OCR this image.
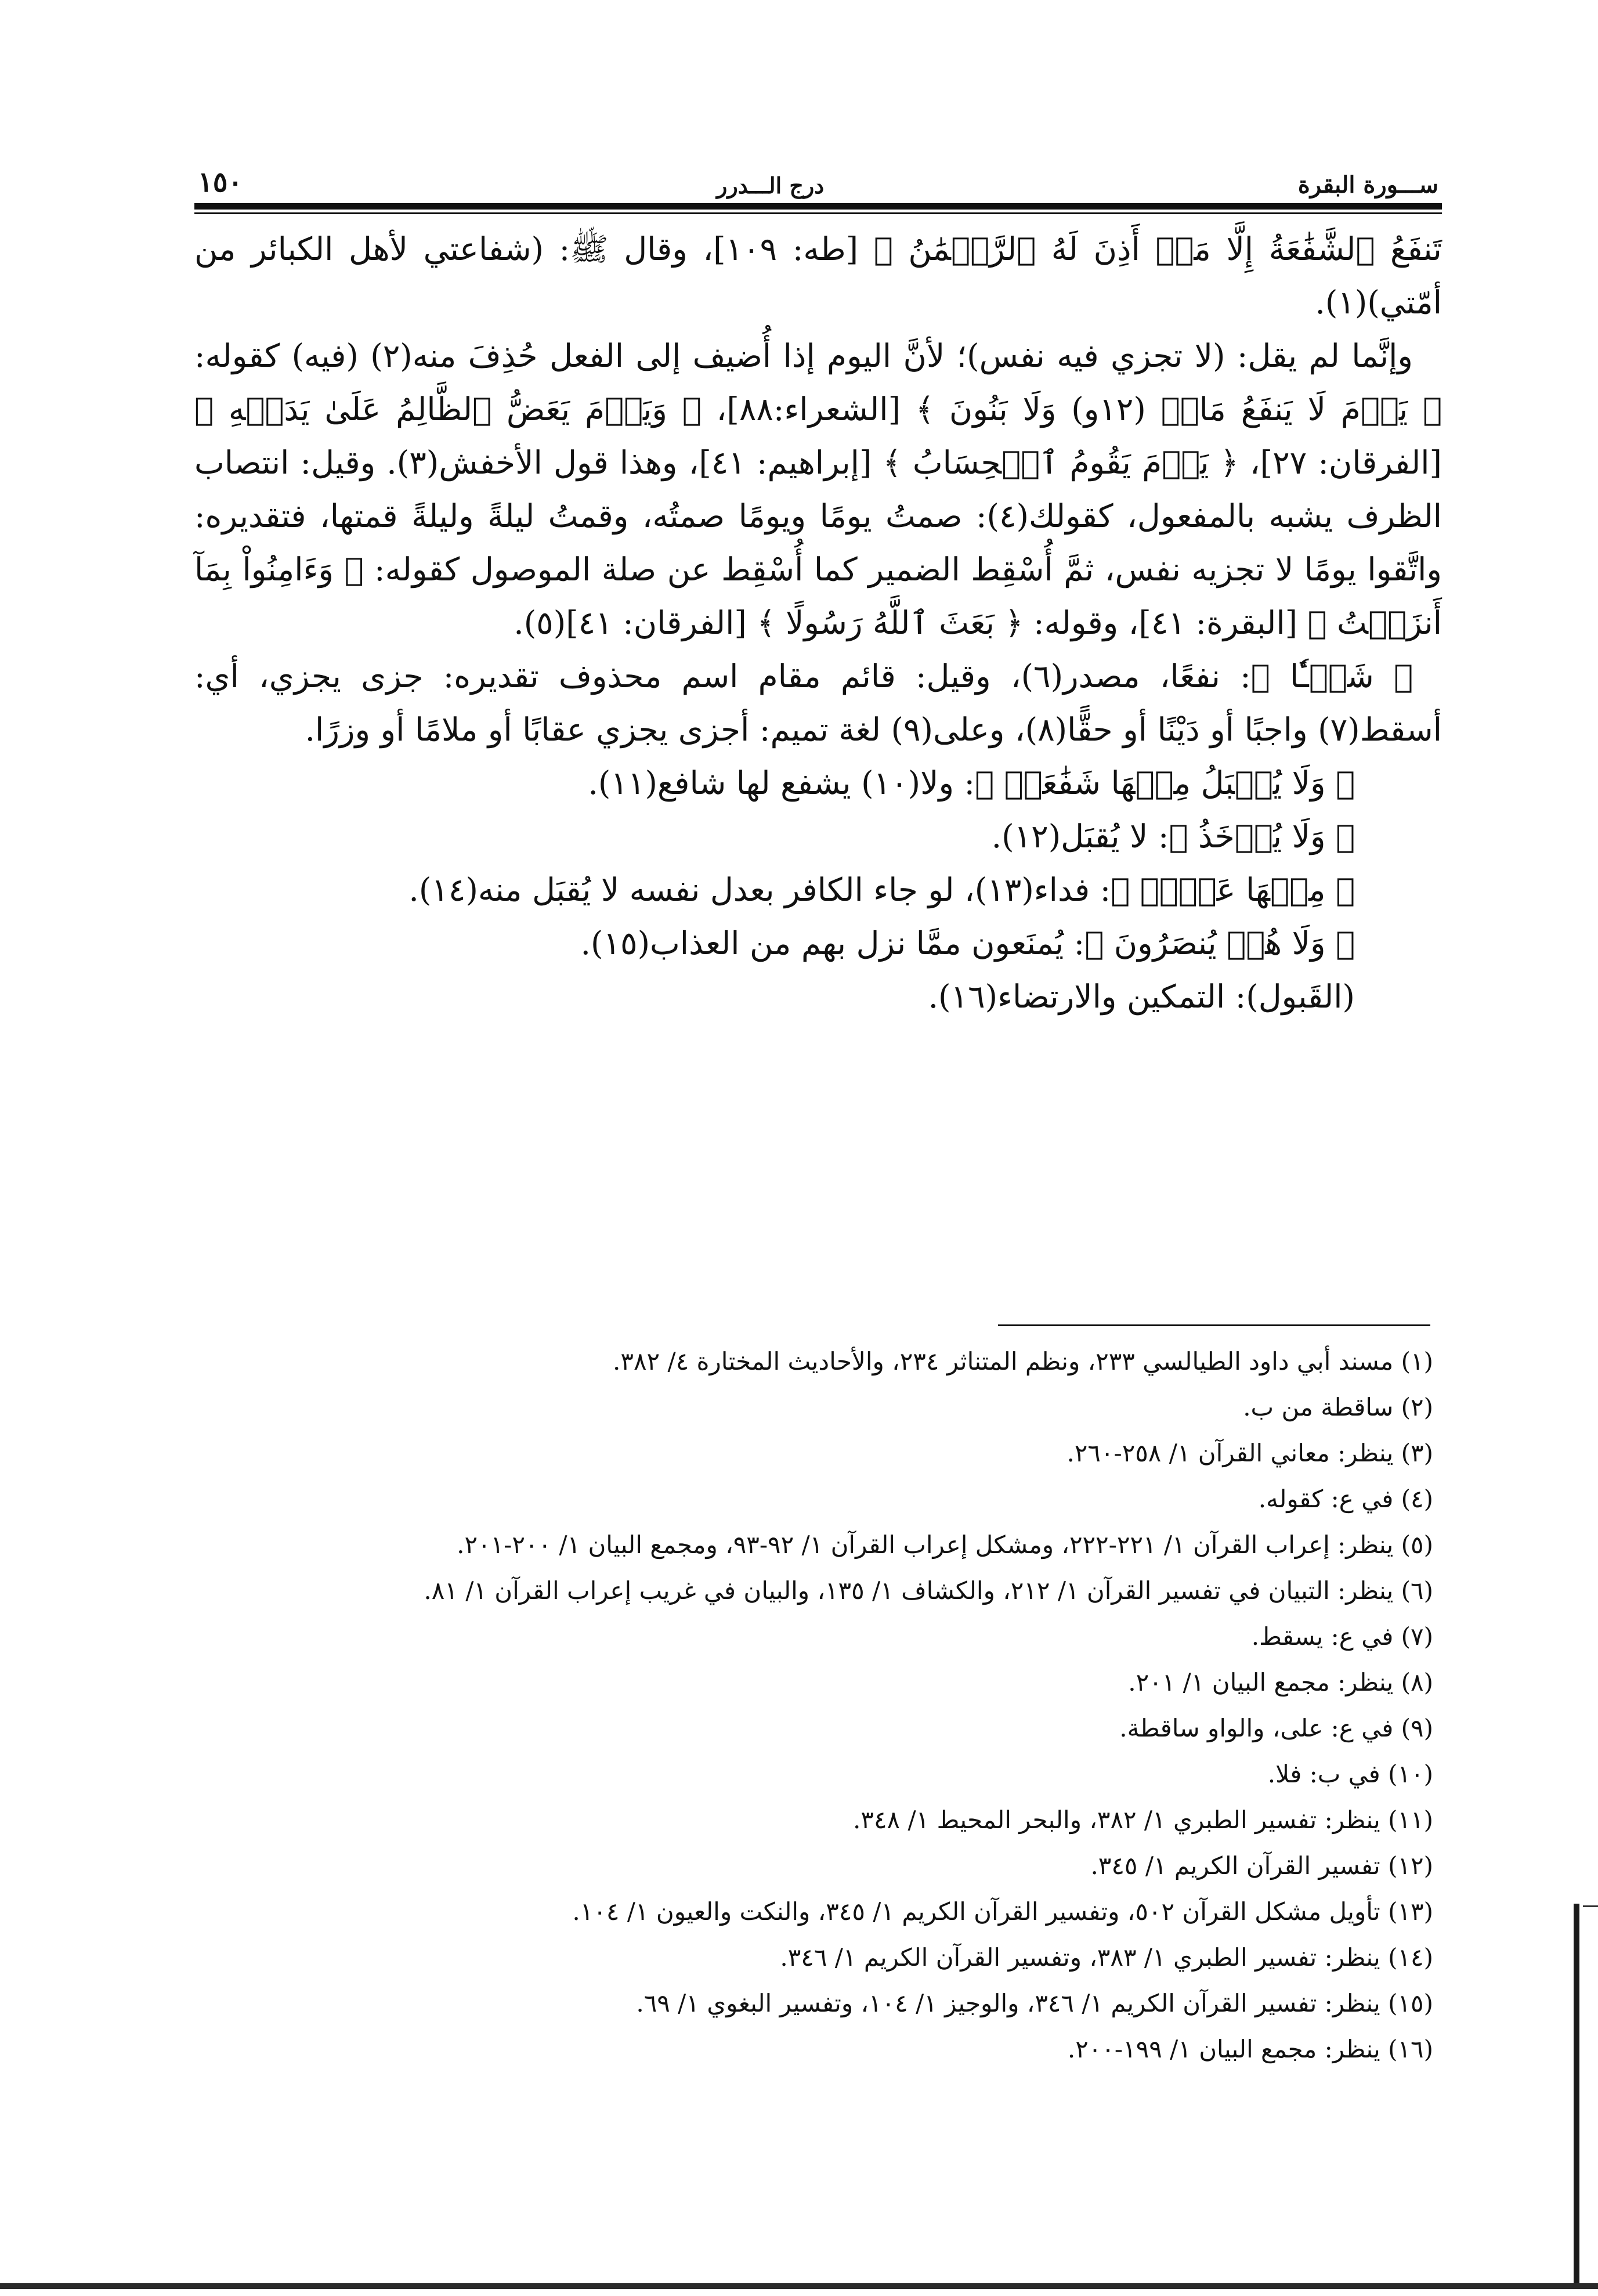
١٥٠	درج الـــدرر	ســـورة البقرة

تَنفَعُ ٱلشَّفَٰعَةُ إِلَّا مَنۡ أَذِنَ لَهُ ٱلرَّحۡمَٰنُ ﴾ [طه: ١٠٩]، وقال ﷺ: (شفاعتي لأهل الكبائر من أمّتي)(١).

وإنَّما لم يقل: (لا تجزي فيه نفس)؛ لأنَّ اليوم إذا أُضيف إلى الفعل حُذِفَ منه(٢) (فيه) كقوله: ﴿ يَوۡمَ لَا يَنفَعُ مَالٞ (١٢و) وَلَا بَنُونَ ﴾ [الشعراء:٨٨]، ﴿ وَيَوۡمَ يَعَضُّ ٱلظَّالِمُ عَلَىٰ يَدَيۡهِ ﴾ [الفرقان: ٢٧]، ﴿ يَوۡمَ يَقُومُ ٱلۡحِسَابُ ﴾ [إبراهيم: ٤١]، وهذا قول الأخفش(٣). وقيل: انتصاب الظرف يشبه بالمفعول، كقولك(٤): صمتُ يومًا ويومًا صمتُه، وقمتُ ليلةً وليلةً قمتها، فتقديره: واتَّقوا يومًا لا تجزيه نفس، ثمَّ أُسْقِط الضمير كما أُسْقِط عن صلة الموصول كقوله: ﴿ وَءَامِنُواْ بِمَآ أَنزَلۡتُ ﴾ [البقرة: ٤١]، وقوله: ﴿ بَعَثَ ٱللَّهُ رَسُولًا ﴾ [الفرقان: ٤١](٥).

﴿ شَيۡـٔٗا ﴾: نفعًا، مصدر(٦)، وقيل: قائم مقام اسم محذوف تقديره: جزى يجزي، أي: أسقط(٧) واجبًا أو دَيْنًا أو حقًّا(٨)، وعلى(٩) لغة تميم: أجزى يجزي عقابًا أو ملامًا أو وزرًا.

﴿ وَلَا يُقۡبَلُ مِنۡهَا شَفَٰعَةٞ ﴾: ولا(١٠) يشفع لها شافع(١١).

﴿ وَلَا يُؤۡخَذُ ﴾: لا يُقبَل(١٢).

﴿ مِنۡهَا عَدۡلٞ ﴾: فداء(١٣)، لو جاء الكافر بعدل نفسه لا يُقبَل منه(١٤).

﴿ وَلَا هُمۡ يُنصَرُونَ ﴾: يُمنَعون ممَّا نزل بهم من العذاب(١٥).

(القَبول): التمكين والارتضاء(١٦).

(١) مسند أبي داود الطيالسي ٢٣٣، ونظم المتناثر ٢٣٤، والأحاديث المختارة ٤/ ٣٨٢.
(٢) ساقطة من ب.
(٣) ينظر: معاني القرآن ١/ ٢٥٨-٢٦٠.
(٤) في ع: كقوله.
(٥) ينظر: إعراب القرآن ١/ ٢٢١-٢٢٢، ومشكل إعراب القرآن ١/ ٩٢-٩٣، ومجمع البيان ١/ ٢٠٠-٢٠١.
(٦) ينظر: التبيان في تفسير القرآن ١/ ٢١٢، والكشاف ١/ ١٣٥، والبيان في غريب إعراب القرآن ١/ ٨١.
(٧) في ع: يسقط.
(٨) ينظر: مجمع البيان ١/ ٢٠١.
(٩) في ع: على، والواو ساقطة.
(١٠) في ب: فلا.
(١١) ينظر: تفسير الطبري ١/ ٣٨٢، والبحر المحيط ١/ ٣٤٨.
(١٢) تفسير القرآن الكريم ١/ ٣٤٥.
(١٣) تأويل مشكل القرآن ٥٠٢، وتفسير القرآن الكريم ١/ ٣٤٥، والنكت والعيون ١/ ١٠٤.
(١٤) ينظر: تفسير الطبري ١/ ٣٨٣، وتفسير القرآن الكريم ١/ ٣٤٦.
(١٥) ينظر: تفسير القرآن الكريم ١/ ٣٤٦، والوجيز ١/ ١٠٤، وتفسير البغوي ١/ ٦٩.
(١٦) ينظر: مجمع البيان ١/ ١٩٩-٢٠٠.
